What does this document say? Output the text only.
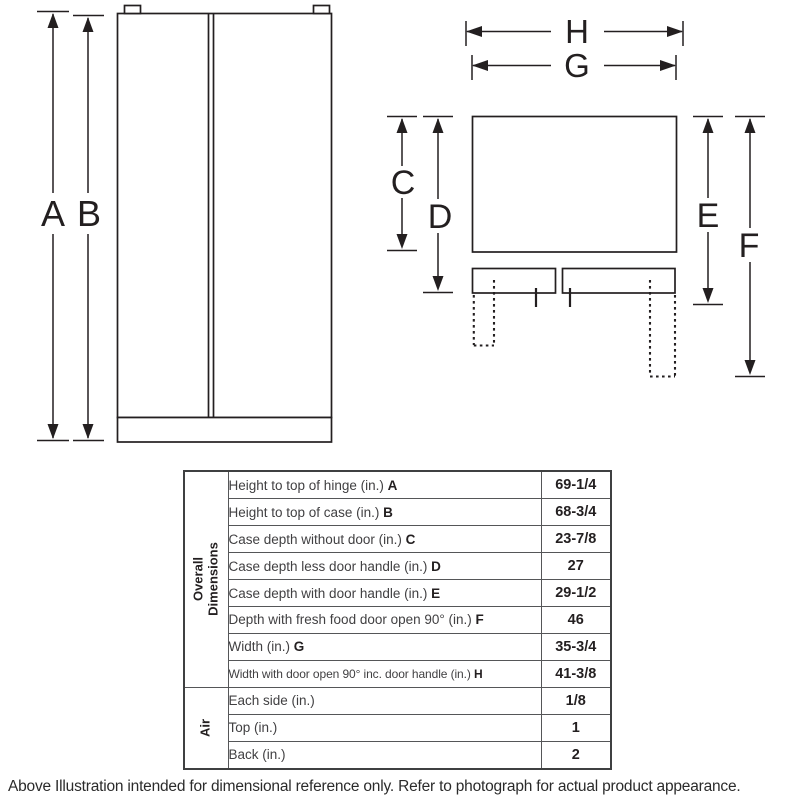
A B
C
D	E
F
G
H
Overall Dimensions	Height to top of hinge (in.) A	69-1/4
	Height to top of case (in.) B	68-3/4
	Case depth without door (in.) C	23-7/8
	Case depth less door handle (in.) D	27
	Case depth with door handle (in.) E	29-1/2
	Depth with fresh food door open 90° (in.) F	46
	Width (in.) G	35-3/4
	Width with door open 90° inc. door handle (in.) H	41-3/8

Air	Each side (in.)	1/8
	Top (in.)	1
	Back (in.)	2
Above Illustration intended for dimensional reference only. Refer to photograph for actual product appearance.
